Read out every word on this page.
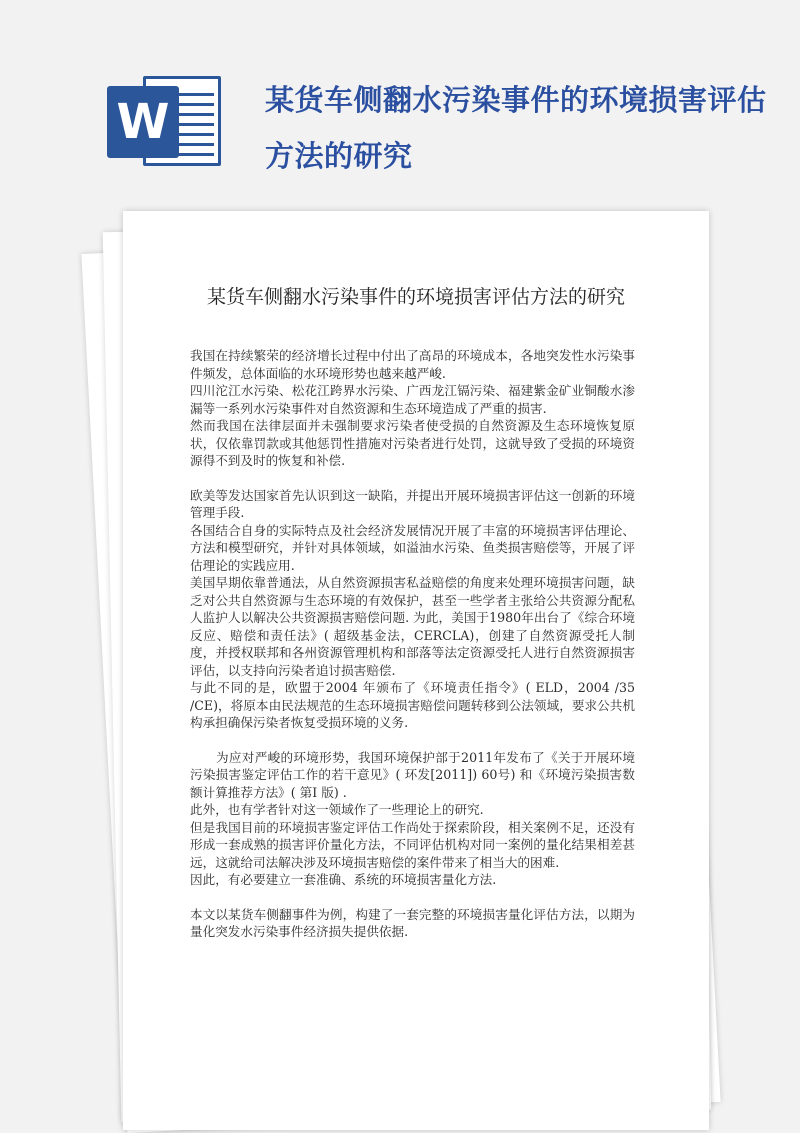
W	某货车侧翻水污染事件的环境损害评估方法的研究
某货车侧翻水污染事件的环境损害评估方法的研究

我国在持续繁荣的经济增长过程中付出了高昂的环境成本，各地突发性水污染事件频发，总体面临的水环境形势也越来越严峻.

四川沱江水污染、松花江跨界水污染、广西龙江镉污染、福建紫金矿业铜酸水渗漏等一系列水污染事件对自然资源和生态环境造成了严重的损害.

然而我国在法律层面并未强制要求污染者使受损的自然资源及生态环境恢复原状，仅依靠罚款或其他惩罚性措施对污染者进行处罚，这就导致了受损的环境资源得不到及时的恢复和补偿.

欧美等发达国家首先认识到这一缺陷，并提出开展环境损害评估这一创新的环境管理手段.

各国结合自身的实际特点及社会经济发展情况开展了丰富的环境损害评估理论、方法和模型研究，并针对具体领域，如溢油水污染、鱼类损害赔偿等，开展了评估理论的实践应用.

美国早期依靠普通法，从自然资源损害私益赔偿的角度来处理环境损害问题，缺乏对公共自然资源与生态环境的有效保护，甚至一些学者主张给公共资源分配私人监护人以解决公共资源损害赔偿问题. 为此，美国于1980年出台了《综合环境反应、赔偿和责任法》( 超级基金法，CERCLA)，创建了自然资源受托人制度，并授权联邦和各州资源管理机构和部落等法定资源受托人进行自然资源损害评估，以支持向污染者追讨损害赔偿.

与此不同的是，欧盟于2004 年颁布了《环境责任指令》( ELD，2004 /35 /CE)，将原本由民法规范的生态环境损害赔偿问题转移到公法领域，要求公共机构承担确保污染者恢复受损环境的义务.

为应对严峻的环境形势，我国环境保护部于2011年发布了《关于开展环境污染损害鉴定评估工作的若干意见》( 环发[2011]) 60号) 和《环境污染损害数额计算推荐方法》( 第I 版) .

此外，也有学者针对这一领域作了一些理论上的研究.

但是我国目前的环境损害鉴定评估工作尚处于探索阶段，相关案例不足，还没有形成一套成熟的损害评价量化方法，不同评估机构对同一案例的量化结果相差甚远，这就给司法解决涉及环境损害赔偿的案件带来了相当大的困难.

因此，有必要建立一套准确、系统的环境损害量化方法.

本文以某货车侧翻事件为例，构建了一套完整的环境损害量化评估方法，以期为量化突发水污染事件经济损失提供依据.
